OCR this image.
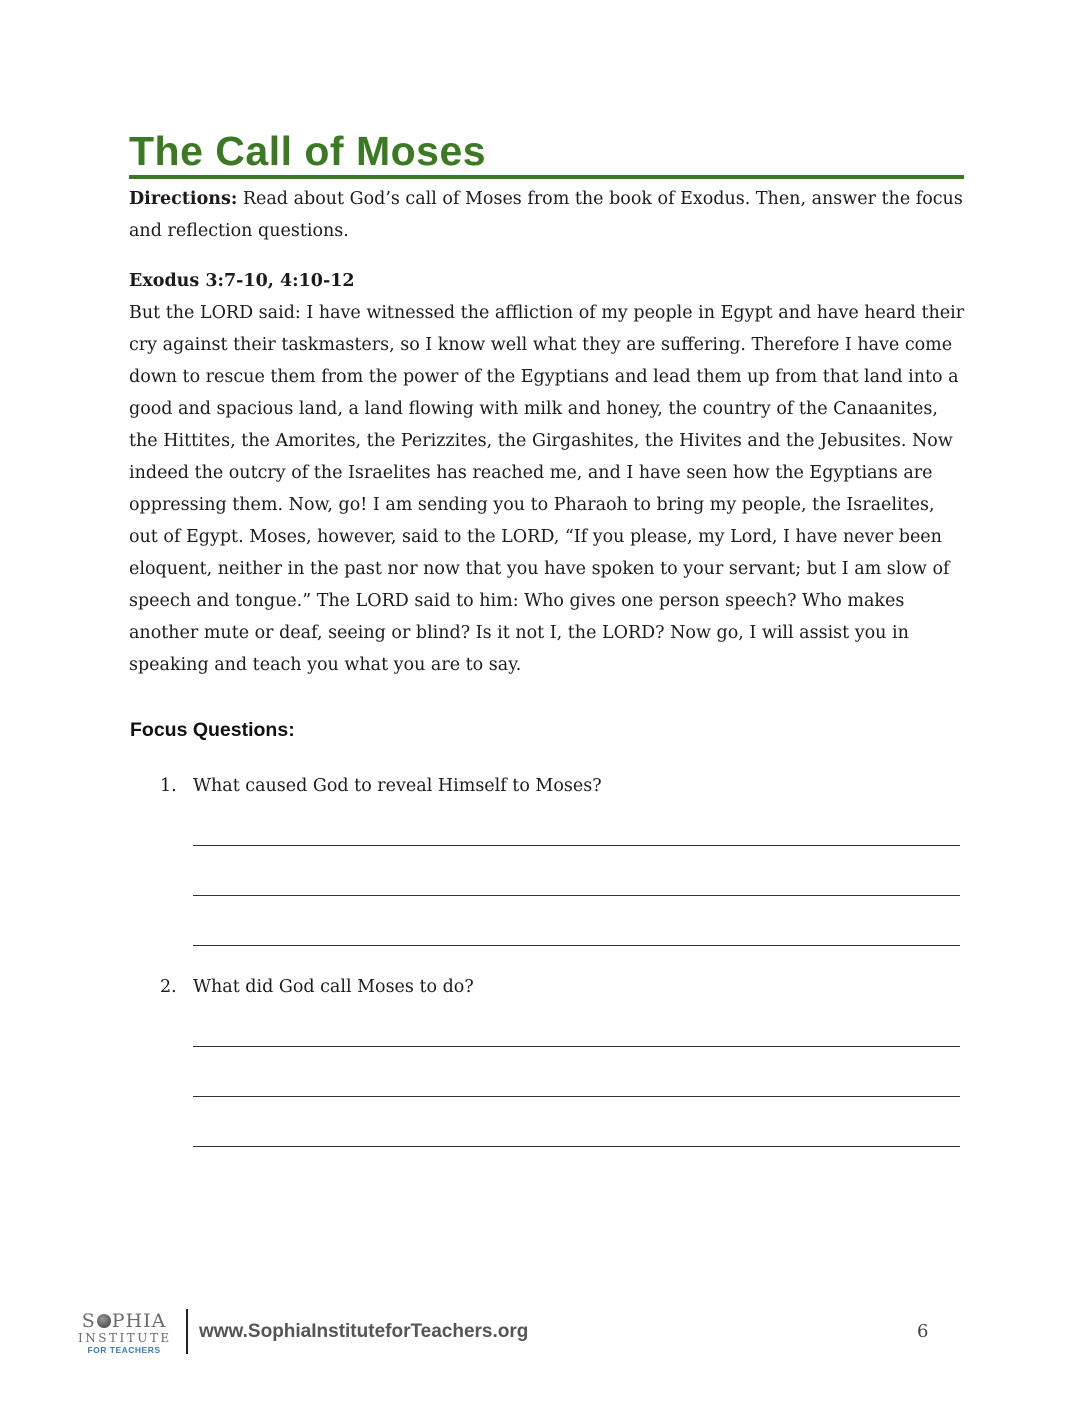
The Call of Moses

Directions: Read about God’s call of Moses from the book of Exodus. Then, answer the focus and reflection questions.

Exodus 3:7-10, 4:10-12

But the LORD said: I have witnessed the affliction of my people in Egypt and have heard their cry against their taskmasters, so I know well what they are suffering. Therefore I have come down to rescue them from the power of the Egyptians and lead them up from that land into a good and spacious land, a land flowing with milk and honey, the country of the Canaanites, the Hittites, the Amorites, the Perizzites, the Girgashites, the Hivites and the Jebusites. Now indeed the outcry of the Israelites has reached me, and I have seen how the Egyptians are oppressing them. Now, go! I am sending you to Pharaoh to bring my people, the Israelites, out of Egypt. Moses, however, said to the LORD, “If you please, my Lord, I have never been eloquent, neither in the past nor now that you have spoken to your servant; but I am slow of speech and tongue.” The LORD said to him: Who gives one person speech? Who makes another mute or deaf, seeing or blind? Is it not I, the LORD? Now go, I will assist you in speaking and teach you what you are to say.

Focus Questions:

1. What caused God to reveal Himself to Moses?

2. What did God call Moses to do?

S PHIA
INSTITUTE
FOR TEACHERS
www.SophiaInstituteforTeachers.org	6
